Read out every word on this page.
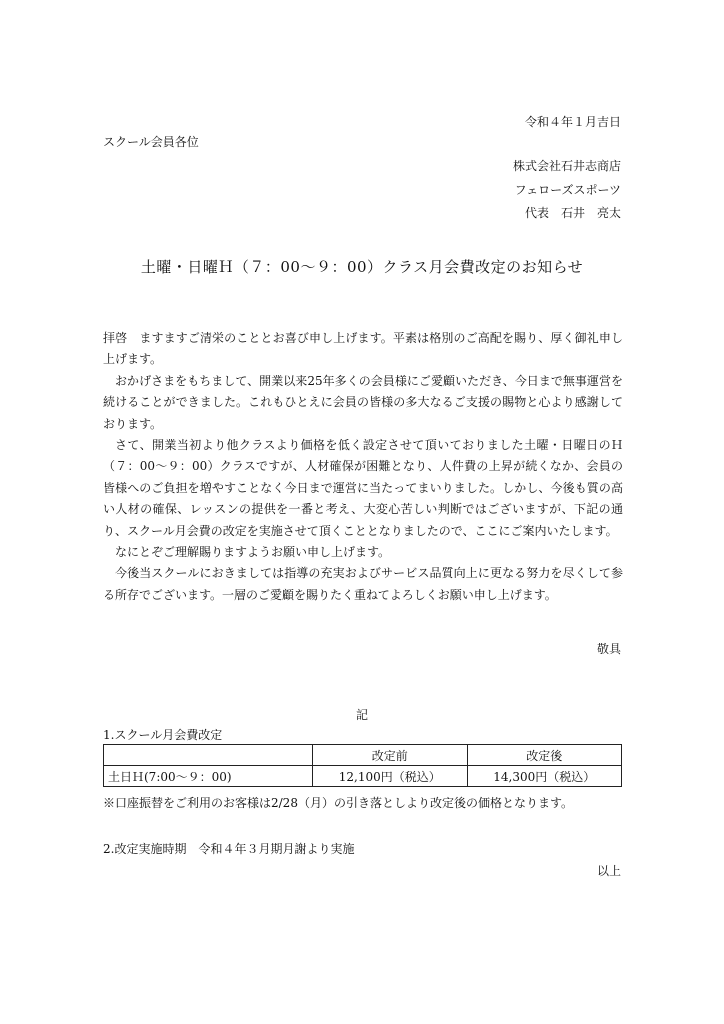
令和４年１月吉日
スクール会員各位
株式会社石井志商店
フェローズスポーツ
代表　石井　亮太
土曜・日曜Ｈ（７：00～９：00）クラス月会費改定のお知らせ

拝啓　ますますご清栄のこととお喜び申し上げます。平素は格別のご高配を賜り、厚く御礼申し上げます。

おかげさまをもちまして、開業以来25年多くの会員様にご愛顧いただき、今日まで無事運営を続けることができました。これもひとえに会員の皆様の多大なるご支援の賜物と心より感謝しております。

さて、開業当初より他クラスより価格を低く設定させて頂いておりました土曜・日曜日のＨ（７：00～９：00）クラスですが、人材確保が困難となり、人件費の上昇が続くなか、会員の皆様へのご負担を増やすことなく今日まで運営に当たってまいりました。しかし、今後も質の高い人材の確保、レッスンの提供を一番と考え、大変心苦しい判断ではございますが、下記の通り、スクール月会費の改定を実施させて頂くこととなりましたので、ここにご案内いたします。

なにとぞご理解賜りますようお願い申し上げます。

今後当スクールにおきましては指導の充実およびサービス品質向上に更なる努力を尽くして参る所存でございます。一層のご愛顧を賜りたく重ねてよろしくお願い申し上げます。

敬具
記
1.スクール月会費改定
	改定前	改定後
土日Ｈ(7:00～９：00)	12,100円（税込）	14,300円（税込）
※口座振替をご利用のお客様は2/28（月）の引き落としより改定後の価格となります。
2.改定実施時期　令和４年３月期月謝より実施
以上
